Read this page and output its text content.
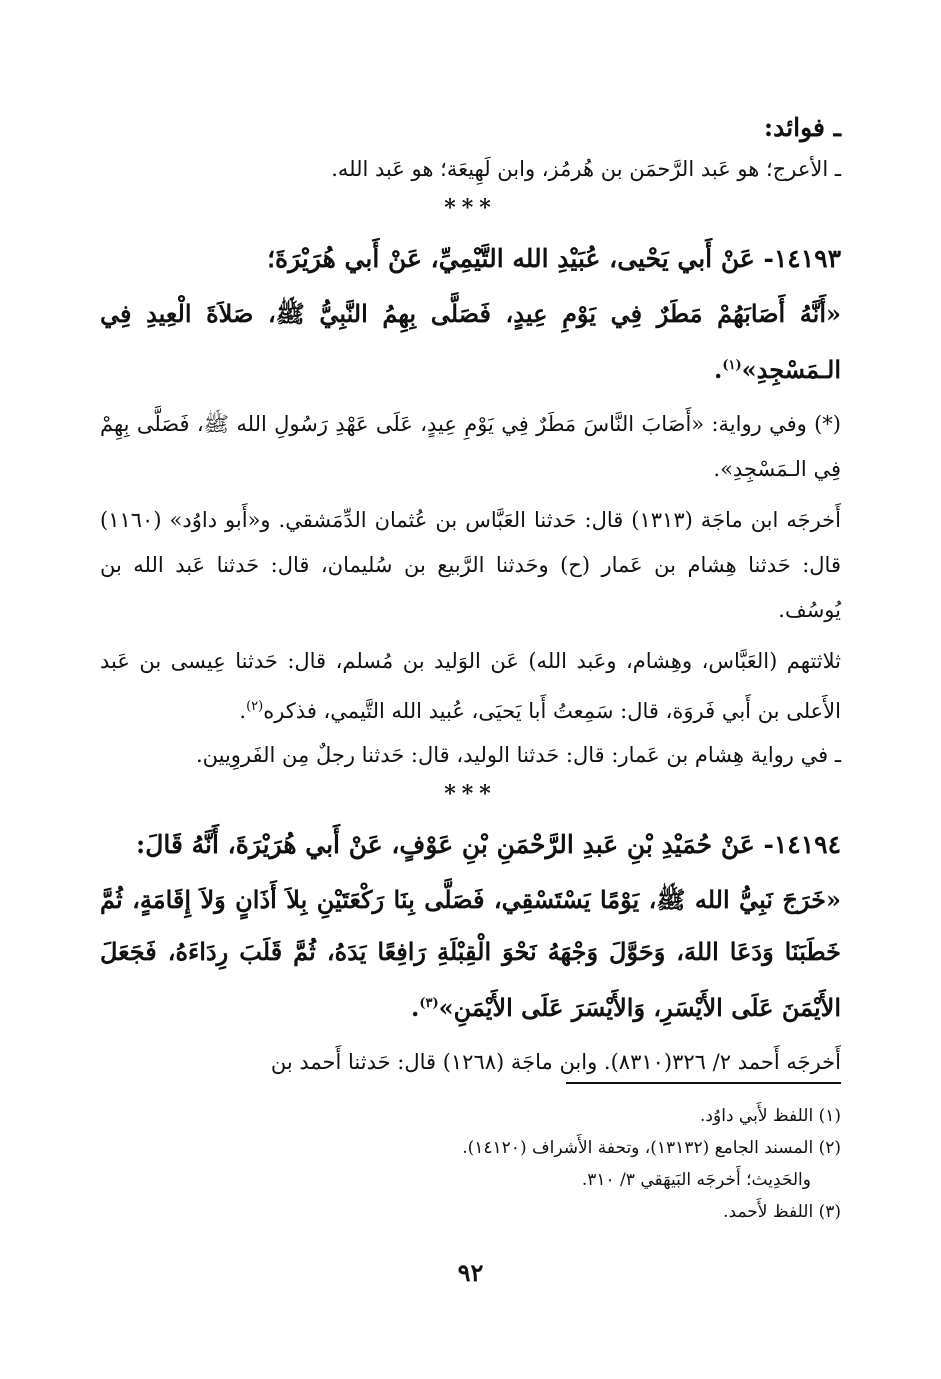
ـ فوائد:

ـ الأعرج؛ هو عَبد الرَّحمَن بن هُرمُز، وابن لَهِيعَة؛ هو عَبد الله.

***

١٤١٩٣- عَنْ أَبي يَحْيى، عُبَيْدِ الله التَّيْمِيِّ، عَنْ أَبي هُرَيْرَةَ؛

«أَنَّهُ أَصَابَهُمْ مَطَرٌ فِي يَوْمِ عِيدٍ، فَصَلَّى بِهِمُ النَّبِيُّ ﷺ، صَلاَةَ الْعِيدِ فِي الـمَسْجِدِ»$^{(١)}$.

(*) وفي رواية: «أَصَابَ النَّاسَ مَطَرٌ فِي يَوْمِ عِيدٍ، عَلَى عَهْدِ رَسُولِ الله ﷺ، فَصَلَّى بِهِمْ فِي الـمَسْجِدِ».

أَخرجَه ابن ماجَة (١٣١٣) قال: حَدثنا العَبَّاس بن عُثمان الدِّمَشقي. و«أَبو داوُد» (١١٦٠) قال: حَدثنا هِشام بن عَمار (ح) وحَدثنا الرَّبيع بن سُليمان، قال: حَدثنا عَبد الله بن يُوسُف.

ثلاثتهم (العَبَّاس، وهِشام، وعَبد الله) عَن الوَليد بن مُسلم، قال: حَدثنا عِيسى بن عَبد الأَعلى بن أَبي فَروَة، قال: سَمِعتُ أَبا يَحيَى، عُبيد الله التَّيمي، فذكره$^{(٢)}$.

ـ في رواية هِشام بن عَمار: قال: حَدثنا الوليد، قال: حَدثنا رجلٌ مِن الفَروِيين.

***

١٤١٩٤- عَنْ حُمَيْدِ بْنِ عَبدِ الرَّحْمَنِ بْنِ عَوْفٍ، عَنْ أَبي هُرَيْرَةَ، أَنَّهُ قَالَ:

«خَرَجَ نَبِيُّ الله ﷺ، يَوْمًا يَسْتَسْقِي، فَصَلَّى بِنَا رَكْعَتَيْنِ بِلاَ أَذَانٍ وَلاَ إِقَامَةٍ، ثُمَّ خَطَبَنَا وَدَعَا اللهَ، وَحَوَّلَ وَجْهَهُ نَحْوَ الْقِبْلَةِ رَافِعًا يَدَهُ، ثُمَّ قَلَبَ رِدَاءَهُ، فَجَعَلَ الأَيْمَنَ عَلَى الأَيْسَرِ، وَالأَيْسَرَ عَلَى الأَيْمَنِ»$^{(٣)}$.

أَخرجَه أَحمد ٢/ ٣٢٦(٨٣١٠). وابن ماجَة (١٢٦٨) قال: حَدثنا أَحمد بن

(١) اللفظ لأَبي داوُد.

(٢) المسند الجامع (١٣١٣٢)، وتحفة الأَشراف (١٤١٢٠).

والحَدِيث؛ أَخرجَه البَيهَقي ٣/ ٣١٠.

(٣) اللفظ لأَحمد.

٩٢
